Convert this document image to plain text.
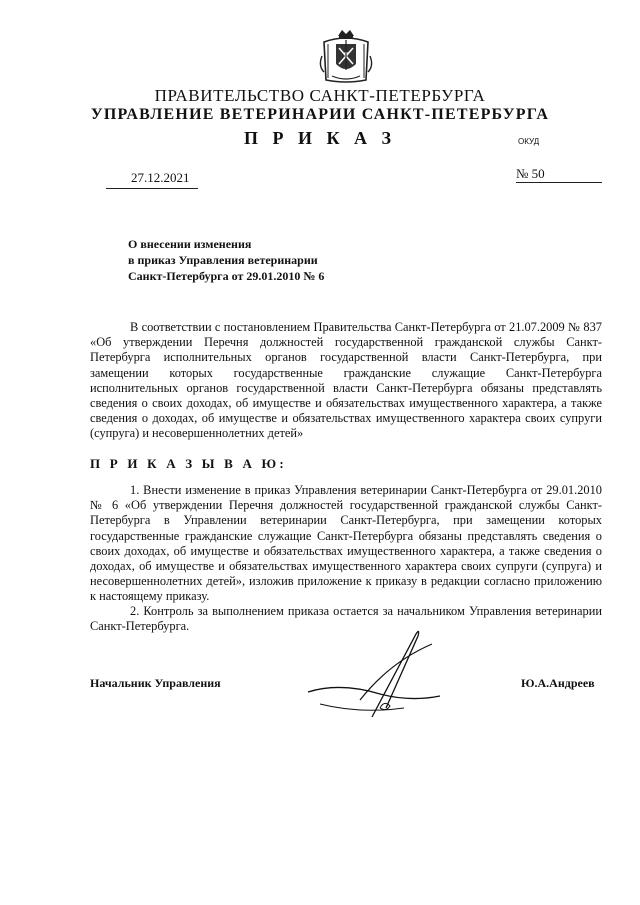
ПРАВИТЕЛЬСТВО САНКТ-ПЕТЕРБУРГА
УПРАВЛЕНИЕ ВЕТЕРИНАРИИ САНКТ-ПЕТЕРБУРГА
П Р И К А З	ОКУД
27.12.2021	№ 50
О внесении изменения
в приказ Управления ветеринарии
Санкт-Петербурга от 29.01.2010 № 6
В соответствии с постановлением Правительства Санкт-Петербурга от 21.07.2009 № 837 «Об утверждении Перечня должностей государственной гражданской службы Санкт-Петербурга исполнительных органов государственной власти Санкт-Петербурга, при замещении которых государственные гражданские служащие Санкт-Петербурга исполнительных органов государственной власти Санкт-Петербурга обязаны представлять сведения о своих доходах, об имуществе и обязательствах имущественного характера, а также сведения о доходах, об имуществе и обязательствах имущественного характера своих супруги (супруга) и несовершеннолетних детей»
П Р И К А З Ы В А Ю:
1. Внести изменение в приказ Управления ветеринарии Санкт-Петербурга от 29.01.2010 № 6 «Об утверждении Перечня должностей государственной гражданской службы Санкт-Петербурга в Управлении ветеринарии Санкт-Петербурга, при замещении которых государственные гражданские служащие Санкт-Петербурга обязаны представлять сведения о своих доходах, об имуществе и обязательствах имущественного характера, а также сведения о доходах, об имуществе и обязательствах имущественного характера своих супруги (супруга) и несовершеннолетних детей», изложив приложение к приказу в редакции согласно приложению к настоящему приказу.
2. Контроль за выполнением приказа остается за начальником Управления ветеринарии Санкт-Петербурга.
Начальник Управления	Ю.А.Андреев
